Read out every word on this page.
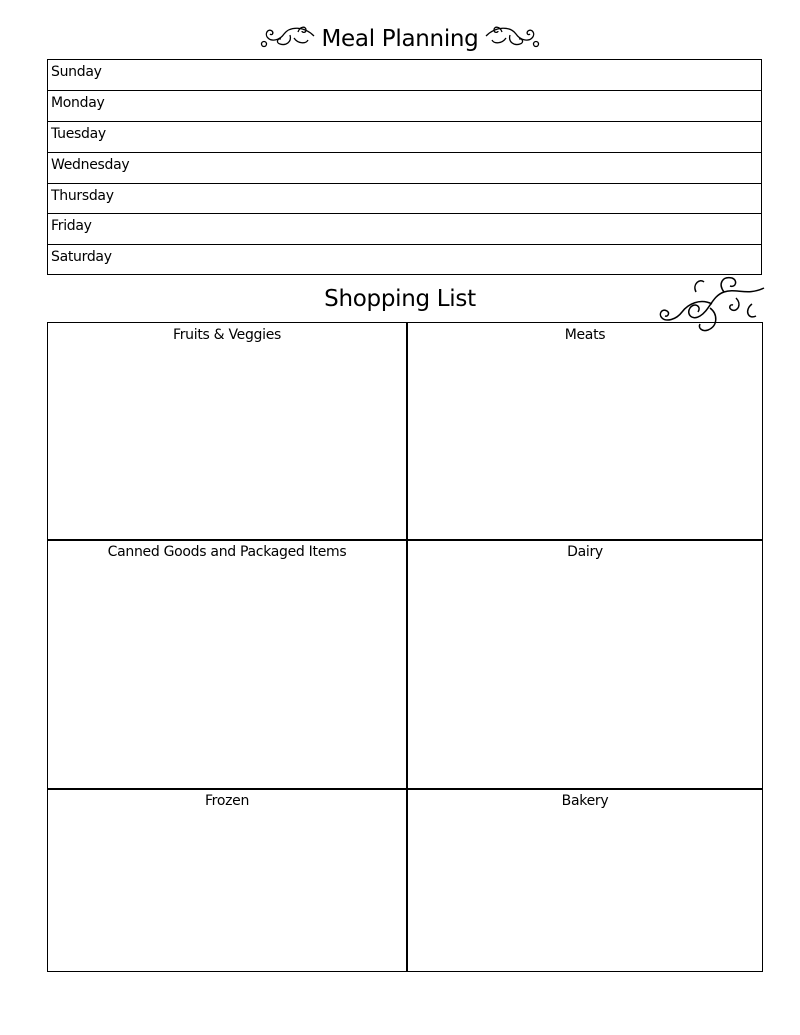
Meal Planning
Sunday
Monday
Tuesday
Wednesday
Thursday
Friday
Saturday
Shopping List
Fruits & Veggies	Meats
Canned Goods and Packaged Items	Dairy
Frozen	Bakery
